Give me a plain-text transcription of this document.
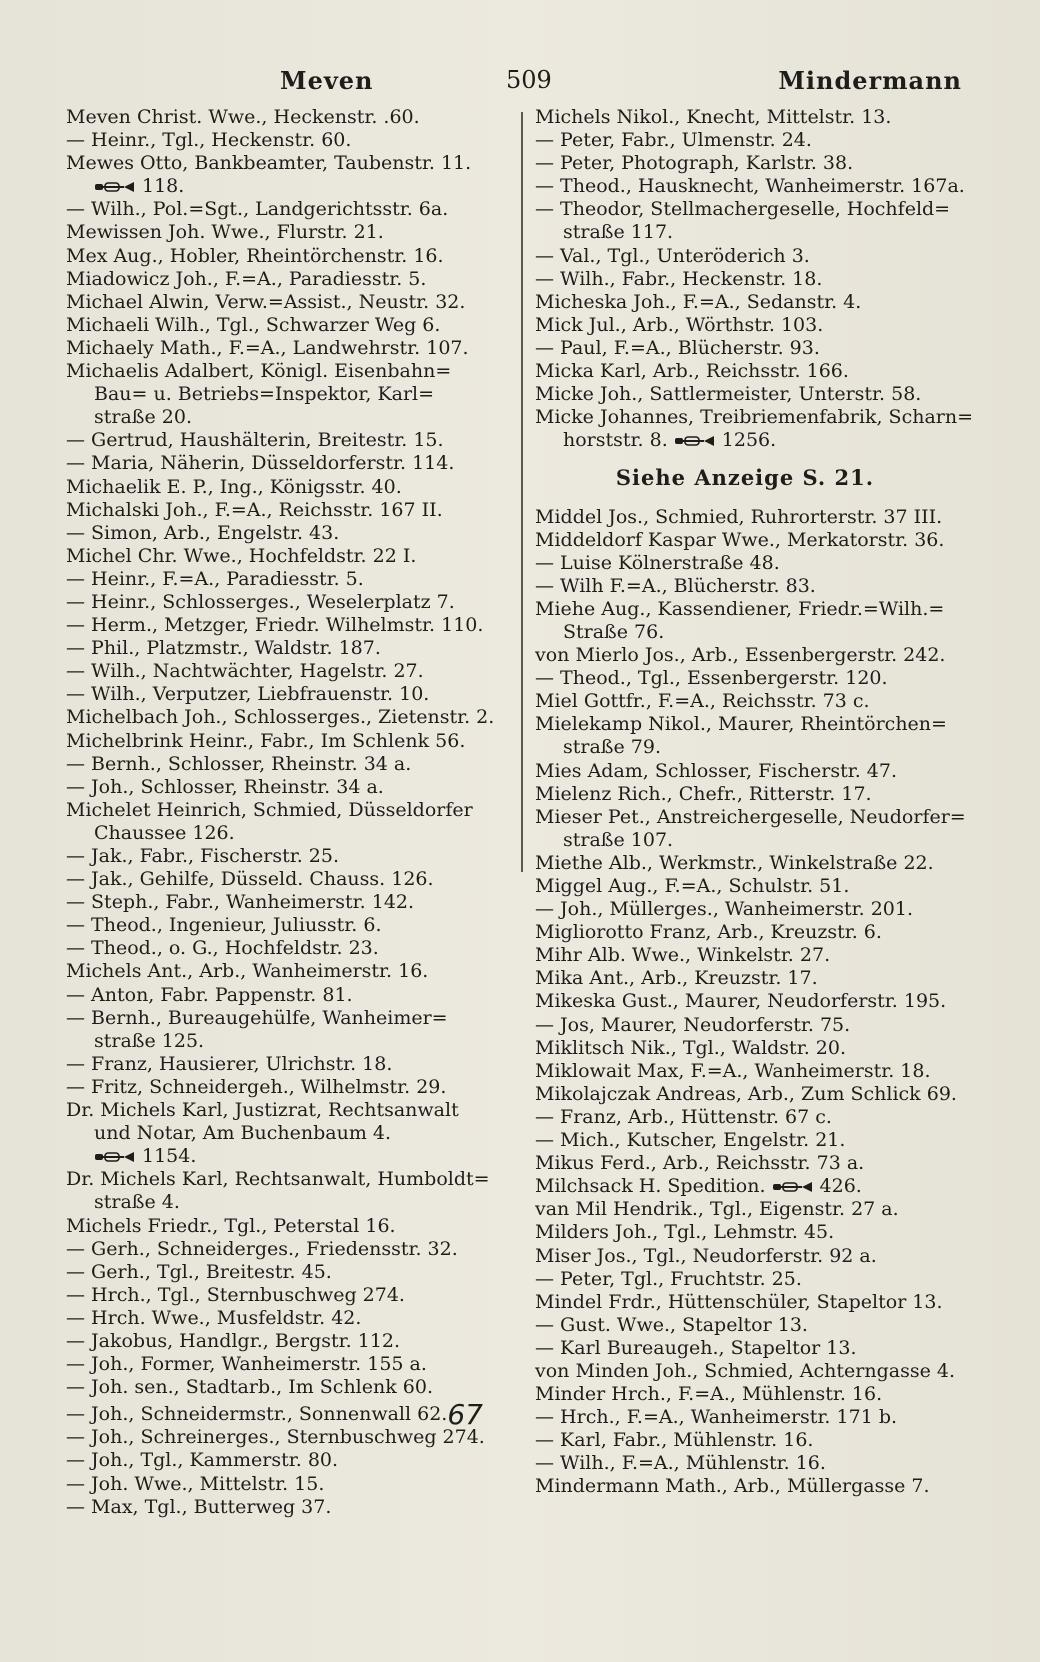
Meven	509	Mindermann
Meven Christ. Wwe., Heckenstr. .60.
— Heinr., Tgl., Heckenstr. 60.
Mewes Otto, Bankbeamter, Taubenstr. 11.
118.
— Wilh., Pol.=Sgt., Landgerichtsstr. 6a.
Mewissen Joh. Wwe., Flurstr. 21.
Mex Aug., Hobler, Rheintörchenstr. 16.
Miadowicz Joh., F.=A., Paradiesstr. 5.
Michael Alwin, Verw.=Assist., Neustr. 32.
Michaeli Wilh., Tgl., Schwarzer Weg 6.
Michaely Math., F.=A., Landwehrstr. 107.
Michaelis Adalbert, Königl. Eisenbahn=
Bau= u. Betriebs=Inspektor, Karl=
straße 20.
— Gertrud, Haushälterin, Breitestr. 15.
— Maria, Näherin, Düsseldorferstr. 114.
Michaelik E. P., Ing., Königsstr. 40.
Michalski Joh., F.=A., Reichsstr. 167 II.
— Simon, Arb., Engelstr. 43.
Michel Chr. Wwe., Hochfeldstr. 22 I.
— Heinr., F.=A., Paradiesstr. 5.
— Heinr., Schlosserges., Weselerplatz 7.
— Herm., Metzger, Friedr. Wilhelmstr. 110.
— Phil., Platzmstr., Waldstr. 187.
— Wilh., Nachtwächter, Hagelstr. 27.
— Wilh., Verputzer, Liebfrauenstr. 10.
Michelbach Joh., Schlosserges., Zietenstr. 2.
Michelbrink Heinr., Fabr., Im Schlenk 56.
— Bernh., Schlosser, Rheinstr. 34 a.
— Joh., Schlosser, Rheinstr. 34 a.
Michelet Heinrich, Schmied, Düsseldorfer
Chaussee 126.
— Jak., Fabr., Fischerstr. 25.
— Jak., Gehilfe, Düsseld. Chauss. 126.
— Steph., Fabr., Wanheimerstr. 142.
— Theod., Ingenieur, Juliusstr. 6.
— Theod., o. G., Hochfeldstr. 23.
Michels Ant., Arb., Wanheimerstr. 16.
— Anton, Fabr. Pappenstr. 81.
— Bernh., Bureaugehülfe, Wanheimer=
straße 125.
— Franz, Hausierer, Ulrichstr. 18.
— Fritz, Schneidergeh., Wilhelmstr. 29.
Dr. Michels Karl, Justizrat, Rechtsanwalt
und Notar, Am Buchenbaum 4.
1154.
Dr. Michels Karl, Rechtsanwalt, Humboldt=
straße 4.
Michels Friedr., Tgl., Peterstal 16.
— Gerh., Schneiderges., Friedensstr. 32.
— Gerh., Tgl., Breitestr. 45.
— Hrch., Tgl., Sternbuschweg 274.
— Hrch. Wwe., Musfeldstr. 42.
— Jakobus, Handlgr., Bergstr. 112.
— Joh., Former, Wanheimerstr. 155 a.
— Joh. sen., Stadtarb., Im Schlenk 60.
— Joh., Schneidermstr., Sonnenwall 62.67
— Joh., Schreinerges., Sternbuschweg 274.
— Joh., Tgl., Kammerstr. 80.
— Joh. Wwe., Mittelstr. 15.
— Max, Tgl., Butterweg 37.
Michels Nikol., Knecht, Mittelstr. 13.
— Peter, Fabr., Ulmenstr. 24.
— Peter, Photograph, Karlstr. 38.
— Theod., Hausknecht, Wanheimerstr. 167a.
— Theodor, Stellmachergeselle, Hochfeld=
straße 117.
— Val., Tgl., Unteröderich 3.
— Wilh., Fabr., Heckenstr. 18.
Micheska Joh., F.=A., Sedanstr. 4.
Mick Jul., Arb., Wörthstr. 103.
— Paul, F.=A., Blücherstr. 93.
Micka Karl, Arb., Reichsstr. 166.
Micke Joh., Sattlermeister, Unterstr. 58.
Micke Johannes, Treibriemenfabrik, Scharn=
horststr. 8.	1256.
Siehe Anzeige S. 21.
Middel Jos., Schmied, Ruhrorterstr. 37 III.
Middeldorf Kaspar Wwe., Merkatorstr. 36.
— Luise Kölnerstraße 48.
— Wilh F.=A., Blücherstr. 83.
Miehe Aug., Kassendiener, Friedr.=Wilh.=
Straße 76.
von Mierlo Jos., Arb., Essenbergerstr. 242.
— Theod., Tgl., Essenbergerstr. 120.
Miel Gottfr., F.=A., Reichsstr. 73 c.
Mielekamp Nikol., Maurer, Rheintörchen=
straße 79.
Mies Adam, Schlosser, Fischerstr. 47.
Mielenz Rich., Chefr., Ritterstr. 17.
Mieser Pet., Anstreichergeselle, Neudorfer=
straße 107.
Miethe Alb., Werkmstr., Winkelstraße 22.
Miggel Aug., F.=A., Schulstr. 51.
— Joh., Müllerges., Wanheimerstr. 201.
Migliorotto Franz, Arb., Kreuzstr. 6.
Mihr Alb. Wwe., Winkelstr. 27.
Mika Ant., Arb., Kreuzstr. 17.
Mikeska Gust., Maurer, Neudorferstr. 195.
— Jos, Maurer, Neudorferstr. 75.
Miklitsch Nik., Tgl., Waldstr. 20.
Miklowait Max, F.=A., Wanheimerstr. 18.
Mikolajczak Andreas, Arb., Zum Schlick 69.
— Franz, Arb., Hüttenstr. 67 c.
— Mich., Kutscher, Engelstr. 21.
Mikus Ferd., Arb., Reichsstr. 73 a.
Milchsack H. Spedition.	426.
van Mil Hendrik., Tgl., Eigenstr. 27 a.
Milders Joh., Tgl., Lehmstr. 45.
Miser Jos., Tgl., Neudorferstr. 92 a.
— Peter, Tgl., Fruchtstr. 25.
Mindel Frdr., Hüttenschüler, Stapeltor 13.
— Gust. Wwe., Stapeltor 13.
— Karl Bureaugeh., Stapeltor 13.
von Minden Joh., Schmied, Achterngasse 4.
Minder Hrch., F.=A., Mühlenstr. 16.
— Hrch., F.=A., Wanheimerstr. 171 b.
— Karl, Fabr., Mühlenstr. 16.
— Wilh., F.=A., Mühlenstr. 16.
Mindermann Math., Arb., Müllergasse 7.
